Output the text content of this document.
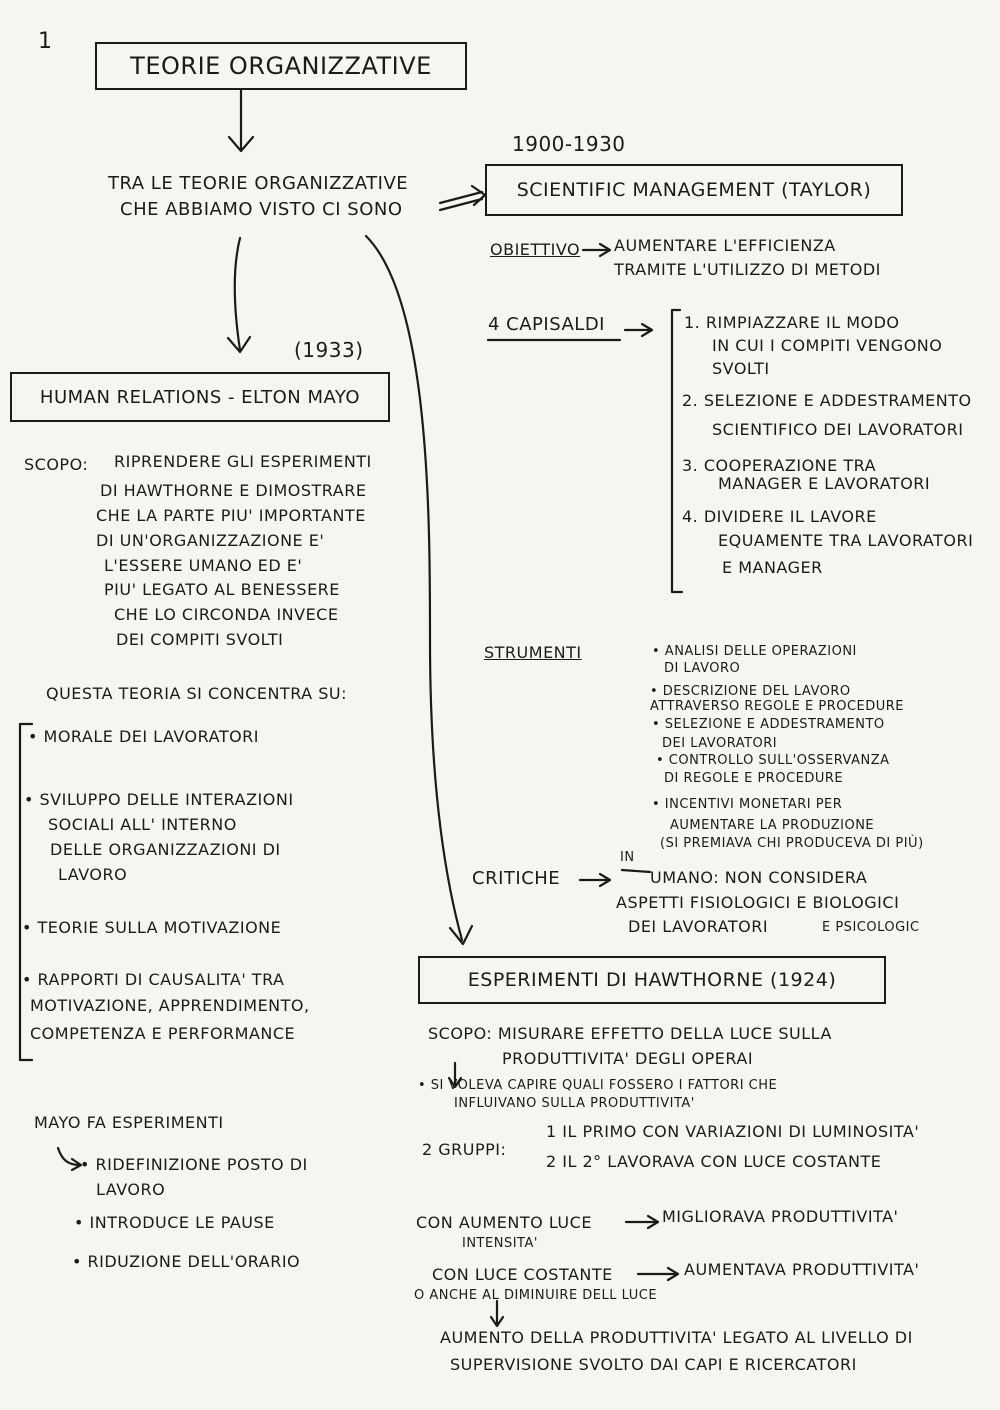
1
TEORIE ORGANIZZATIVE

TRA LE TEORIE ORGANIZZATIVE

CHE ABBIAMO VISTO CI SONO

1900-1930

SCIENTIFIC MANAGEMENT (TAYLOR)

OBIETTIVO AUMENTARE L'EFFICIENZA

TRAMITE L'UTILIZZO DI METODI

4 CAPISALDI	1. RIMPIAZZARE IL MODO

IN CUI I COMPITI VENGONO

SVOLTI

2. SELEZIONE E ADDESTRAMENTO

SCIENTIFICO DEI LAVORATORI

3. COOPERAZIONE TRA

MANAGER E LAVORATORI

4. DIVIDERE IL LAVORE

EQUAMENTE TRA LAVORATORI

E MANAGER

STRUMENTI	• ANALISI DELLE OPERAZIONI

DI LAVORO

• DESCRIZIONE DEL LAVORO

ATTRAVERSO REGOLE E PROCEDURE

• SELEZIONE E ADDESTRAMENTO

DEI LAVORATORI

• CONTROLLO SULL'OSSERVANZA

DI REGOLE E PROCEDURE

• INCENTIVI MONETARI PER

AUMENTARE LA PRODUZIONE

(SI PREMIAVA CHI PRODUCEVA DI PIÙ)

CRITICHE

IN

UMANO: NON CONSIDERA

ASPETTI FISIOLOGICI E BIOLOGICI

DEI LAVORATORI	E PSICOLOGIC

(1933)

HUMAN RELATIONS - ELTON MAYO

SCOPO: RIPRENDERE GLI ESPERIMENTI

DI HAWTHORNE E DIMOSTRARE

CHE LA PARTE PIU' IMPORTANTE

DI UN'ORGANIZZAZIONE E'

L'ESSERE UMANO ED E'

PIU' LEGATO AL BENESSERE

CHE LO CIRCONDA INVECE

DEI COMPITI SVOLTI

QUESTA TEORIA SI CONCENTRA SU:

• MORALE DEI LAVORATORI

• SVILUPPO DELLE INTERAZIONI

SOCIALI ALL' INTERNO

DELLE ORGANIZZAZIONI DI

LAVORO

• TEORIE SULLA MOTIVAZIONE

• RAPPORTI DI CAUSALITA' TRA

MOTIVAZIONE, APPRENDIMENTO,

COMPETENZA E PERFORMANCE

MAYO FA ESPERIMENTI

• RIDEFINIZIONE POSTO DI

LAVORO

• INTRODUCE LE PAUSE

• RIDUZIONE DELL'ORARIO

ESPERIMENTI DI HAWTHORNE (1924)

SCOPO: MISURARE EFFETTO DELLA LUCE SULLA

PRODUTTIVITA' DEGLI OPERAI

• SI VOLEVA CAPIRE QUALI FOSSERO I FATTORI CHE

INFLUIVANO SULLA PRODUTTIVITA'

2 GRUPPI:

1 IL PRIMO CON VARIAZIONI DI LUMINOSITA'

2 IL 2° LAVORAVA CON LUCE COSTANTE

CON AUMENTO LUCE

INTENSITA'

MIGLIORAVA PRODUTTIVITA'

CON LUCE COSTANTE	AUMENTAVA PRODUTTIVITA'

O ANCHE AL DIMINUIRE DELL LUCE

AUMENTO DELLA PRODUTTIVITA' LEGATO AL LIVELLO DI

SUPERVISIONE SVOLTO DAI CAPI E RICERCATORI
